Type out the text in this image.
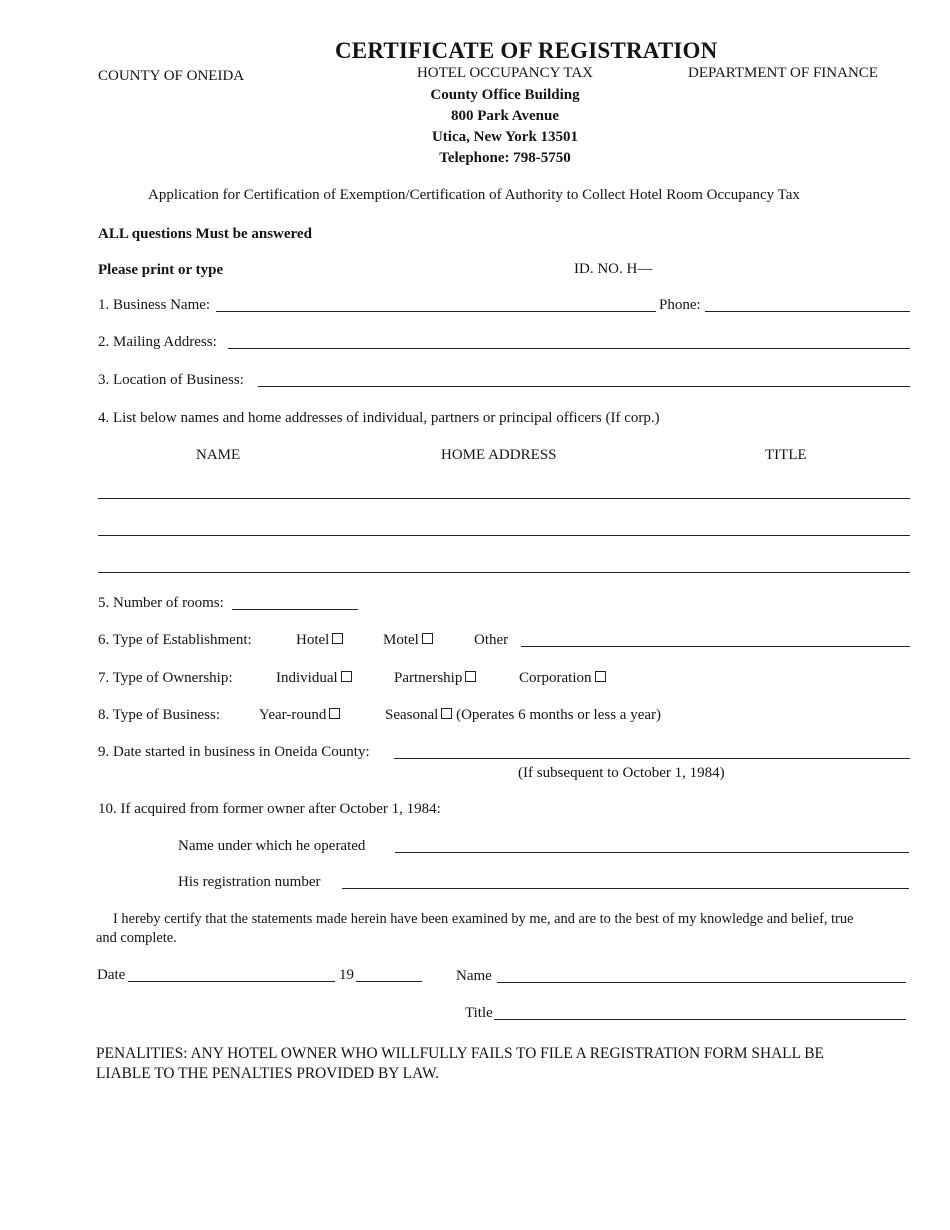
CERTIFICATE OF REGISTRATION
COUNTY OF ONEIDA	DEPARTMENT OF FINANCE
HOTEL OCCUPANCY TAX
County Office Building
800 Park Avenue
Utica, New York 13501
Telephone: 798-5750
Application for Certification of Exemption/Certification of Authority to Collect Hotel Room Occupancy Tax
ALL questions Must be answered
Please print or type	ID. NO. H—
1. Business Name:	Phone:
2. Mailing Address:
3. Location of Business:
4. List below names and home addresses of individual, partners or principal officers (If corp.)
NAME	HOME ADDRESS	TITLE
5. Number of rooms:
6. Type of Establishment:	Hotel	Motel	Other
7. Type of Ownership:	Individual	Partnership	Corporation
8. Type of Business:	Year-round	Seasonal (Operates 6 months or less a year)
9. Date started in business in Oneida County:
(If subsequent to October 1, 1984)
10. If acquired from former owner after October 1, 1984:
Name under which he operated
His registration number
I hereby certify that the statements made herein have been examined by me, and are to the best of my knowledge and belief, true
and complete.
Date	19	Name
Title
PENALITIES: ANY HOTEL OWNER WHO WILLFULLY FAILS TO FILE A REGISTRATION FORM SHALL BE
LIABLE TO THE PENALTIES PROVIDED BY LAW.
